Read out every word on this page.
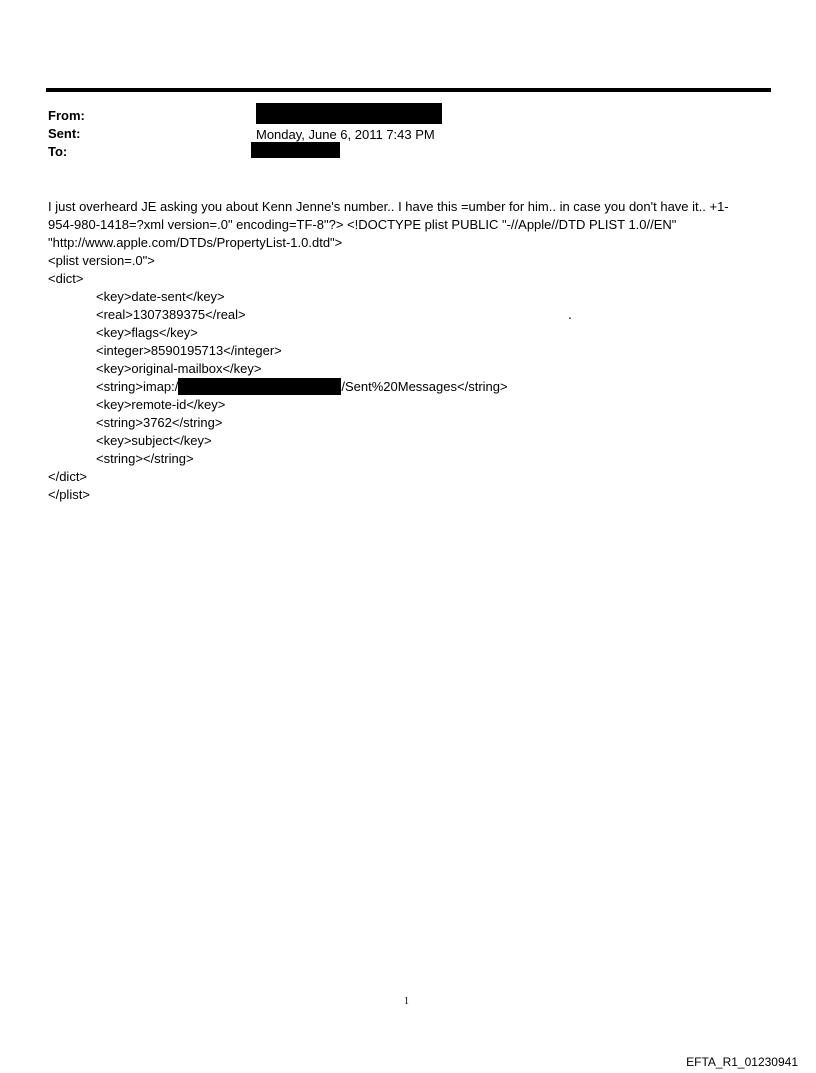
From:
Sent:
To:
Monday, June 6, 2011 7:43 PM
I just overheard JE asking you about Kenn Jenne's number.. I have this =umber for him.. in case you don't have it.. +1-
954-980-1418=?xml version=.0" encoding=TF-8"?> <!DOCTYPE plist PUBLIC "-//Apple//DTD PLIST 1.0//EN"
"http://www.apple.com/DTDs/PropertyList-1.0.dtd">
<plist version=.0">
<dict>
<key>date-sent</key>
<real>1307389375</real>
<key>flags</key>
<integer>8590195713</integer>
<key>original-mailbox</key>
<string>imap:/	/Sent%20Messages</string>
<key>remote-id</key>
<string>3762</string>
<key>subject</key>
<string></string>
</dict>
</plist>
.
1
EFTA_R1_01230941
